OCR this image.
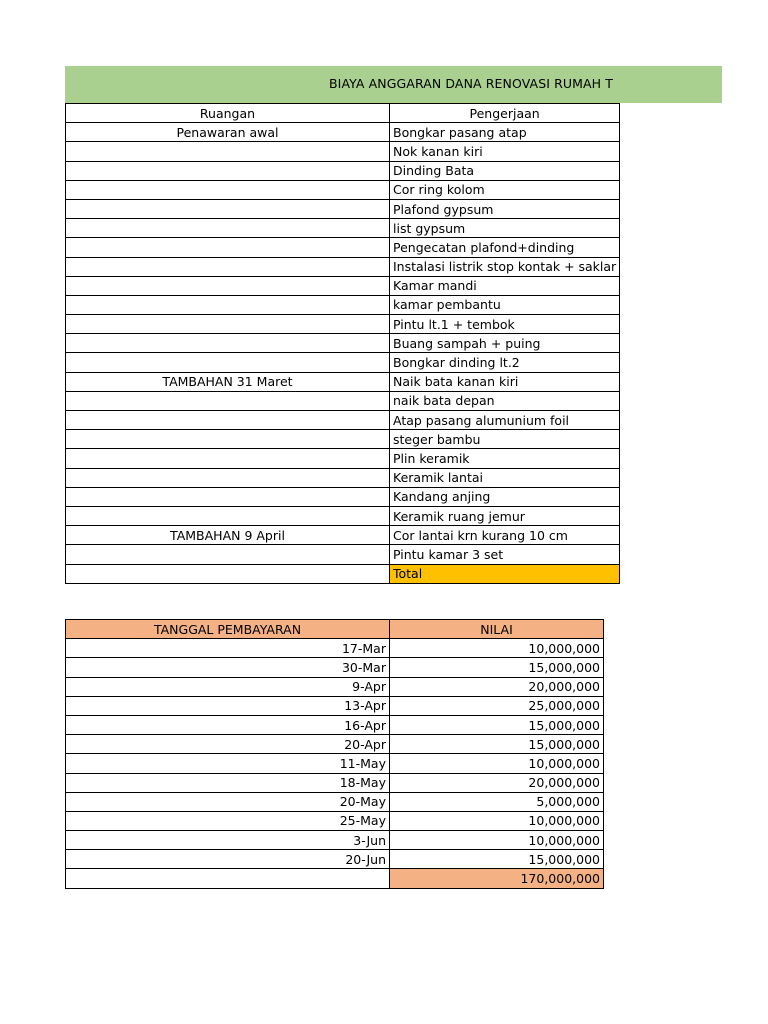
BIAYA ANGGARAN DANA RENOVASI RUMAH T
Ruangan	Pengerjaan
Penawaran awal	Bongkar pasang atap
	Nok kanan kiri
	Dinding Bata
	Cor ring kolom
	Plafond gypsum
	list gypsum
	Pengecatan plafond+dinding
	Instalasi listrik stop kontak + saklar
	Kamar mandi
	kamar pembantu
	Pintu lt.1 + tembok
	Buang sampah + puing
	Bongkar dinding lt.2
TAMBAHAN 31 Maret	Naik bata kanan kiri
	naik bata depan
	Atap pasang alumunium foil
	steger bambu
	Plin keramik
	Keramik lantai
	Kandang anjing
	Keramik ruang jemur
TAMBAHAN 9 April	Cor lantai krn kurang 10 cm
	Pintu kamar 3 set
	Total
TANGGAL PEMBAYARAN	NILAI
17-Mar	10,000,000
30-Mar	15,000,000
9-Apr	20,000,000
13-Apr	25,000,000
16-Apr	15,000,000
20-Apr	15,000,000
11-May	10,000,000
18-May	20,000,000
20-May	5,000,000
25-May	10,000,000
3-Jun	10,000,000
20-Jun	15,000,000
	170,000,000
